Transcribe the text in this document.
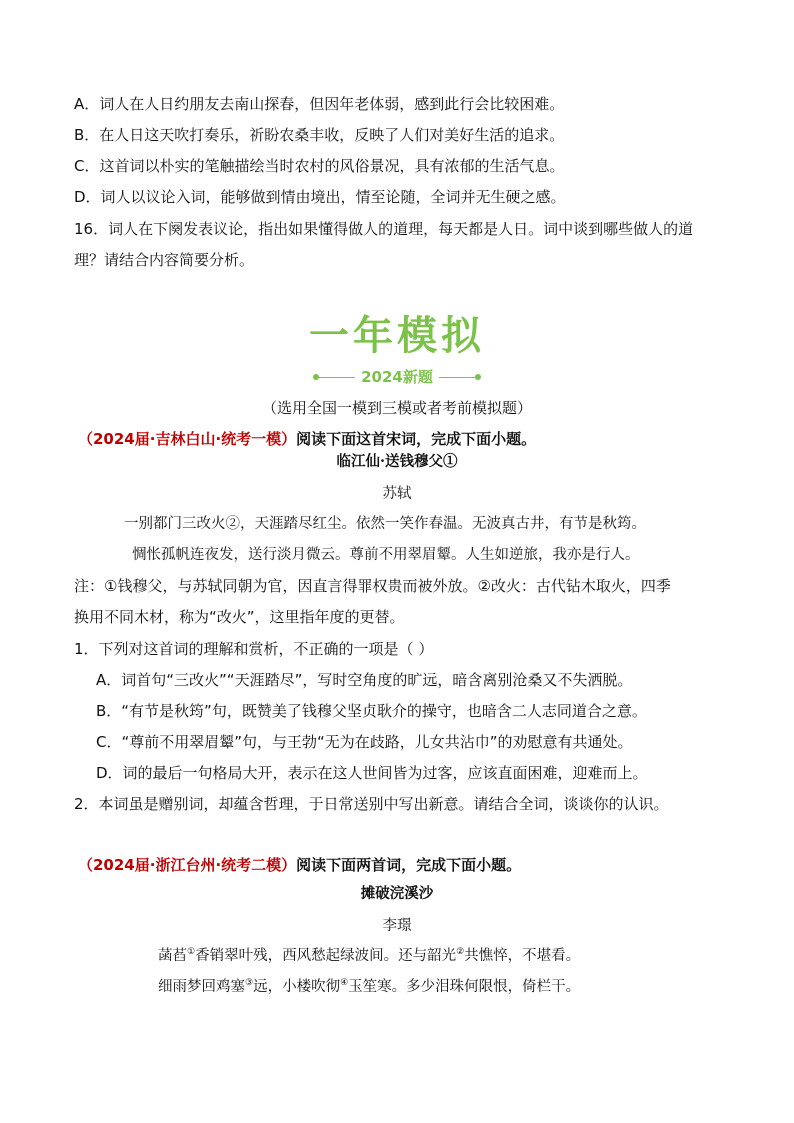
A．词人在人日约朋友去南山探春，但因年老体弱，感到此行会比较困难。
B．在人日这天吹打奏乐，祈盼农桑丰收，反映了人们对美好生活的追求。
C．这首词以朴实的笔触描绘当时农村的风俗景况，具有浓郁的生活气息。
D．词人以议论入词，能够做到情由境出，情至论随，全词并无生硬之感。
16．词人在下阕发表议论，指出如果懂得做人的道理，每天都是人日。词中谈到哪些做人的道
理？请结合内容简要分析。
一年模拟
2024新题
（选用全国一模到三模或者考前模拟题）
（2024届·吉林白山·统考一模）阅读下面这首宋词，完成下面小题。
临江仙·送钱穆父①
苏轼
一别都门三改火②，天涯踏尽红尘。依然一笑作春温。无波真古井，有节是秋筠。
惆怅孤帆连夜发，送行淡月微云。尊前不用翠眉颦。人生如逆旅，我亦是行人。
注：①钱穆父，与苏轼同朝为官，因直言得罪权贵而被外放。②改火：古代钻木取火，四季
换用不同木材，称为“改火”，这里指年度的更替。
1．下列对这首词的理解和赏析，不正确的一项是（ ）
A．词首句“三改火”“天涯踏尽”，写时空角度的旷远，暗含离别沧桑又不失洒脱。
B．“有节是秋筠”句，既赞美了钱穆父坚贞耿介的操守，也暗含二人志同道合之意。
C．“尊前不用翠眉颦”句，与王勃“无为在歧路，儿女共沾巾”的劝慰意有共通处。
D．词的最后一句格局大开，表示在这人世间皆为过客，应该直面困难，迎难而上。
2．本词虽是赠别词，却蕴含哲理，于日常送别中写出新意。请结合全词，谈谈你的认识。
（2024届·浙江台州·统考二模）阅读下面两首词，完成下面小题。
摊破浣溪沙
李璟
菡萏①香销翠叶残，西风愁起绿波间。还与韶光②共憔悴，不堪看。
细雨梦回鸡塞③远，小楼吹彻④玉笙寒。多少泪珠何限恨，倚栏干。
